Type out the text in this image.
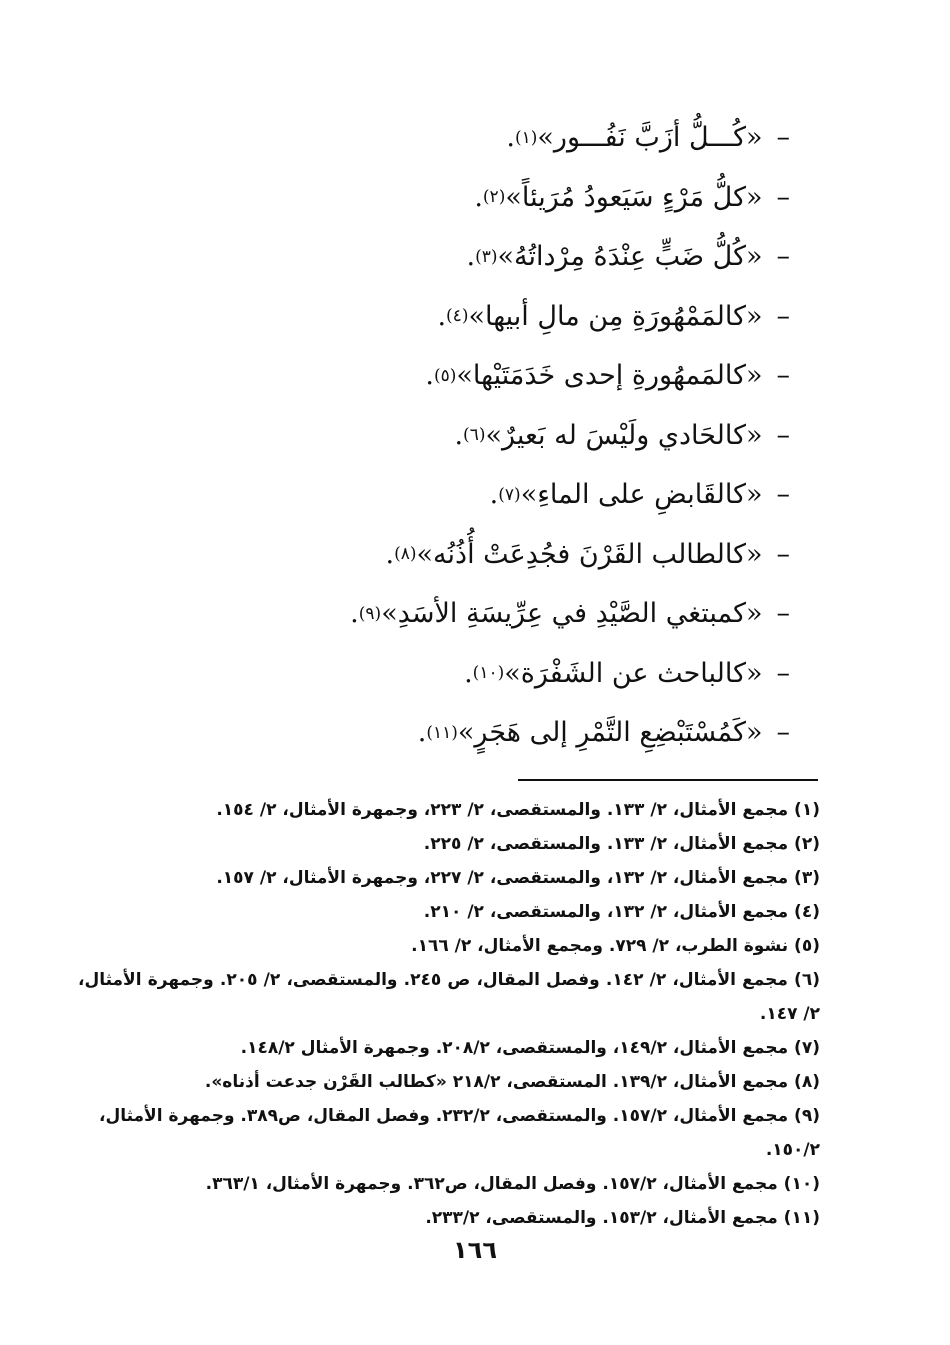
–
«كُـــلُّ أزَبَّ نَفُـــور»
(١)
.
–
«كلُّ مَرْءٍ سَيَعودُ مُرَيئاً»
(٢)
.
–
«كُلُّ ضَبٍّ عِنْدَهُ مِرْداتُهُ»
(٣)
.
–
«كالمَمْهُورَةِ مِن مالِ أبيها»
(٤)
.
–
«كالمَمهُورةِ إحدى خَدَمَتَيْها»
(٥)
.
–
«كالحَادي ولَيْسَ له بَعيرٌ»
(٦)
.
–
«كالقَابضِ على الماءِ»
(٧)
.
–
«كالطالب القَرْنَ فجُدِعَتْ أُذُنُه»
(٨)
.
–
«كمبتغي الصَّيْدِ في عِرِّيسَةِ الأسَدِ»
(٩)
.
–
«كالباحث عن الشَفْرَة»
(١٠)
.
–
«كَمُسْتَبْضِعِ التَّمْرِ إلى هَجَرٍ»
(١١)
.
(١) مجمع الأمثال، ٢/ ١٣٣. والمستقصى، ٢/ ٢٢٣، وجمهرة الأمثال، ٢/ ١٥٤.
(٢) مجمع الأمثال، ٢/ ١٣٣. والمستقصى، ٢/ ٢٢٥.
(٣) مجمع الأمثال، ٢/ ١٣٢، والمستقصى، ٢/ ٢٢٧، وجمهرة الأمثال، ٢/ ١٥٧.
(٤) مجمع الأمثال، ٢/ ١٣٢، والمستقصى، ٢/ ٢١٠.
(٥) نشوة الطرب، ٢/ ٧٢٩. ومجمع الأمثال، ٢/ ١٦٦.
(٦) مجمع الأمثال، ٢/ ١٤٢. وفصل المقال، ص ٢٤٥. والمستقصى، ٢/ ٢٠٥. وجمهرة الأمثال، ٢/ ١٤٧.
(٧) مجمع الأمثال، ١٤٩/٢، والمستقصى، ٢٠٨/٢. وجمهرة الأمثال ١٤٨/٢.
(٨) مجمع الأمثال، ١٣٩/٢. المستقصى، ٢١٨/٢ «كطالب القَرْن جدعت أذناه».
(٩) مجمع الأمثال، ١٥٧/٢. والمستقصى، ٢٣٢/٢. وفصل المقال، ص٣٨٩. وجمهرة الأمثال، ١٥٠/٢.
(١٠) مجمع الأمثال، ١٥٧/٢. وفصل المقال، ص٣٦٢. وجمهرة الأمثال، ٣٦٣/١.
(١١) مجمع الأمثال، ١٥٣/٢. والمستقصى، ٢٣٣/٢.
١٦٦
